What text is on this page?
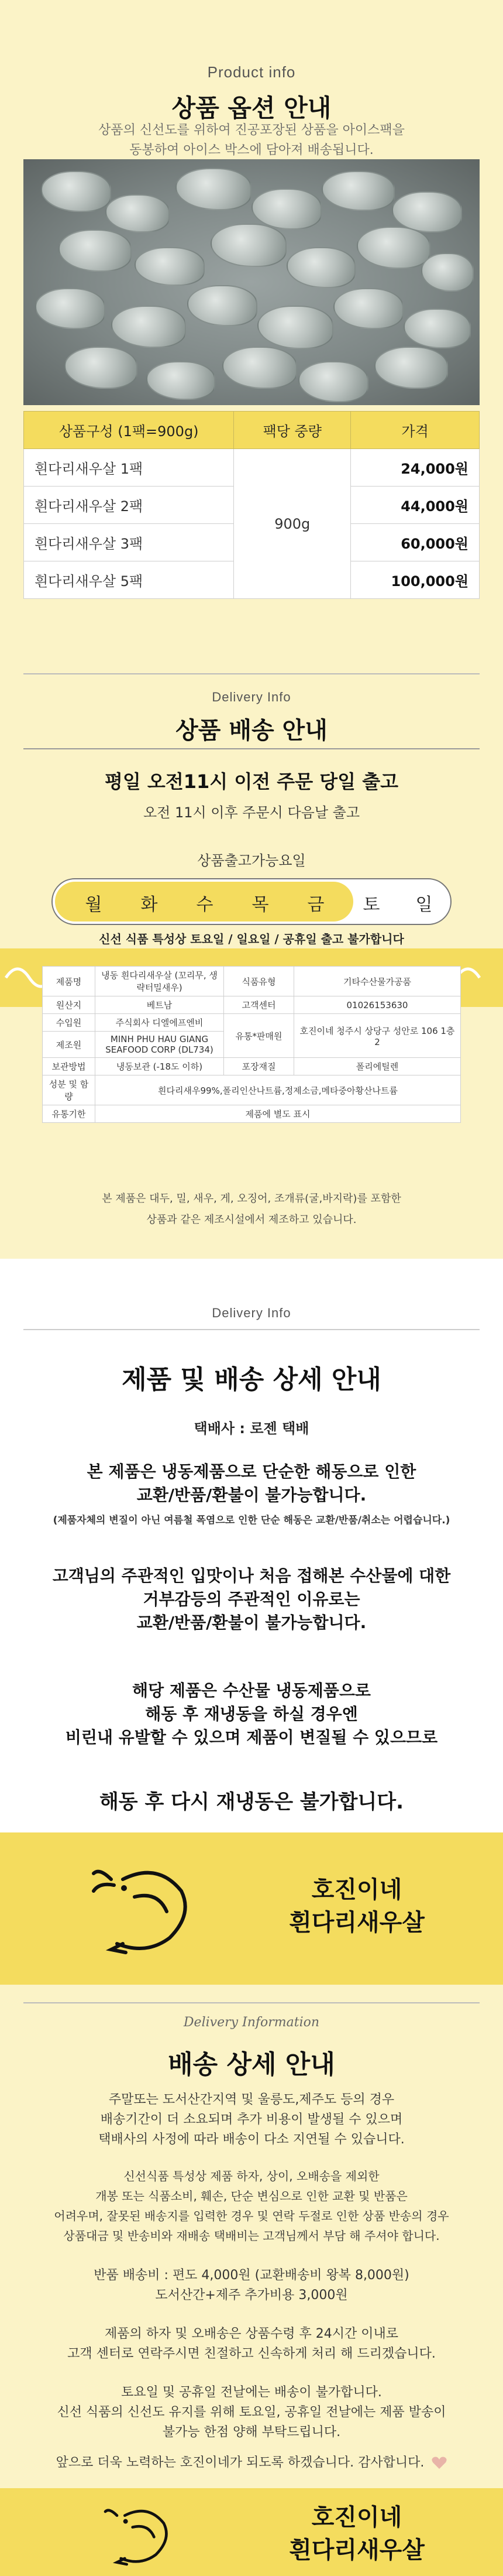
Product info
상품 옵션 안내
상품의 신선도를 위하여 진공포장된 상품을 아이스팩을
동봉하여 아이스 박스에 담아져 배송됩니다.
상품구성 (1팩=900g)	팩당 중량	가격
흰다리새우살 1팩	900g	24,000원
흰다리새우살 2팩		44,000원
흰다리새우살 3팩		60,000원
흰다리새우살 5팩		100,000원
Delivery Info
상품 배송 안내
평일 오전11시 이전 주문 당일 출고
오전 11시 이후 주문시 다음날 출고
상품출고가능요일
월	화	수	목	금	토	일
신선 식품 특성상 토요일 / 일요일 / 공휴일 출고 불가합니다
제품명	냉동 흰다리새우살 (꼬리무, 생략터밀새우)	식품유형	기타수산물가공품
원산지	베트남	고객센터	01026153630
수입원	주식회사 디엘에프엔비	유통*판매원	호진이네 청주시 상당구 성안로 106 1층2
제조원	MINH PHU HAU GIANG SEAFOOD CORP (DL734)		
보관방법	냉동보관 (-18도 이하)	포장재질	폴리에틸렌
성분 및 함량	흰다리새우99%,폴리인산나트륨,정제소금,메타중아황산나트륨		
유통기한	제품에 별도 표시		
본 제품은 대두, 밀, 새우, 게, 오징어, 조개류(굴,바지락)를 포함한
상품과 같은 제조시설에서 제조하고 있습니다.
Delivery Info
제품 및 배송 상세 안내
택배사 : 로젠 택배
본 제품은 냉동제품으로 단순한 해동으로 인한
교환/반품/환불이 불가능합니다.
(제품자체의 변질이 아닌 여름철 폭염으로 인한 단순 해동은 교환/반품/취소는 어렵습니다.)
고객님의 주관적인 입맛이나 처음 접해본 수산물에 대한
거부감등의 주관적인 이유로는
교환/반품/환불이 불가능합니다.
해당 제품은 수산물 냉동제품으로
해동 후 재냉동을 하실 경우엔
비린내 유발할 수 있으며 제품이 변질될 수 있으므로
해동 후 다시 재냉동은 불가합니다.
호진이네
흰다리새우살
Delivery Information
배송 상세 안내
주말또는 도서산간지역 및 울릉도,제주도 등의 경우
배송기간이 더 소요되며 추가 비용이 발생될 수 있으며
택배사의 사정에 따라 배송이 다소 지연될 수 있습니다.
신선식품 특성상 제품 하자, 상이, 오배송을 제외한
개봉 또는 식품소비, 훼손, 단순 변심으로 인한 교환 및 반품은
어려우며, 잘못된 배송지를 입력한 경우 및 연락 두절로 인한 상품 반송의 경우
상품대금 및 반송비와 재배송 택배비는 고객님께서 부담 해 주셔야 합니다.
반품 배송비 : 편도 4,000원 (교환배송비 왕복 8,000원)
도서산간+제주 추가비용 3,000원
제품의 하자 및 오배송은 상품수령 후 24시간 이내로
고객 센터로 연락주시면 친절하고 신속하게 처리 해 드리겠습니다.
토요일 및 공휴일 전날에는 배송이 불가합니다.
신선 식품의 신선도 유지를 위해 토요일, 공휴일 전날에는 제품 발송이
불가능 한점 양해 부탁드립니다.
앞으로 더욱 노력하는 호진이네가 되도록 하겠습니다. 감사합니다.
호진이네
흰다리새우살
